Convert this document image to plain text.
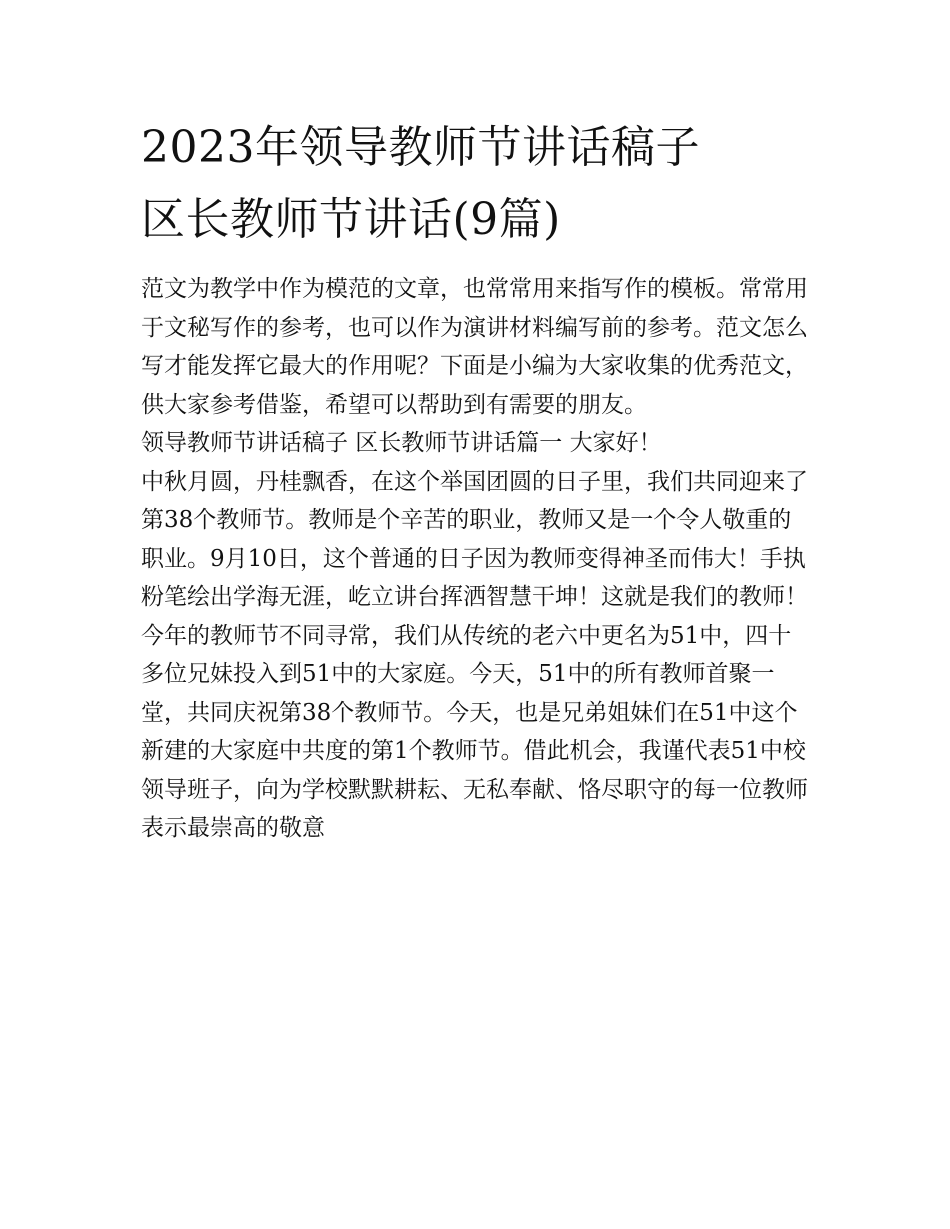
2023年领导教师节讲话稿子
区长教师节讲话(9篇)

范文为教学中作为模范的文章，也常常用来指写作的模板。常常用于文秘写作的参考，也可以作为演讲材料编写前的参考。范文怎么写才能发挥它最大的作用呢？下面是小编为大家收集的优秀范文，供大家参考借鉴，希望可以帮助到有需要的朋友。

领导教师节讲话稿子 区长教师节讲话篇一 大家好！

中秋月圆，丹桂飘香，在这个举国团圆的日子里，我们共同迎来了第38个教师节。教师是个辛苦的职业，教师又是一个令人敬重的职业。9月10日，这个普通的日子因为教师变得神圣而伟大！手执粉笔绘出学海无涯，屹立讲台挥洒智慧干坤！这就是我们的教师！今年的教师节不同寻常，我们从传统的老六中更名为51中，四十多位兄妹投入到51中的大家庭。今天，51中的所有教师首聚一堂，共同庆祝第38个教师节。今天，也是兄弟姐妹们在51中这个新建的大家庭中共度的第1个教师节。借此机会，我谨代表51中校领导班子，向为学校默默耕耘、无私奉献、恪尽职守的每一位教师表示最崇高的敬意
